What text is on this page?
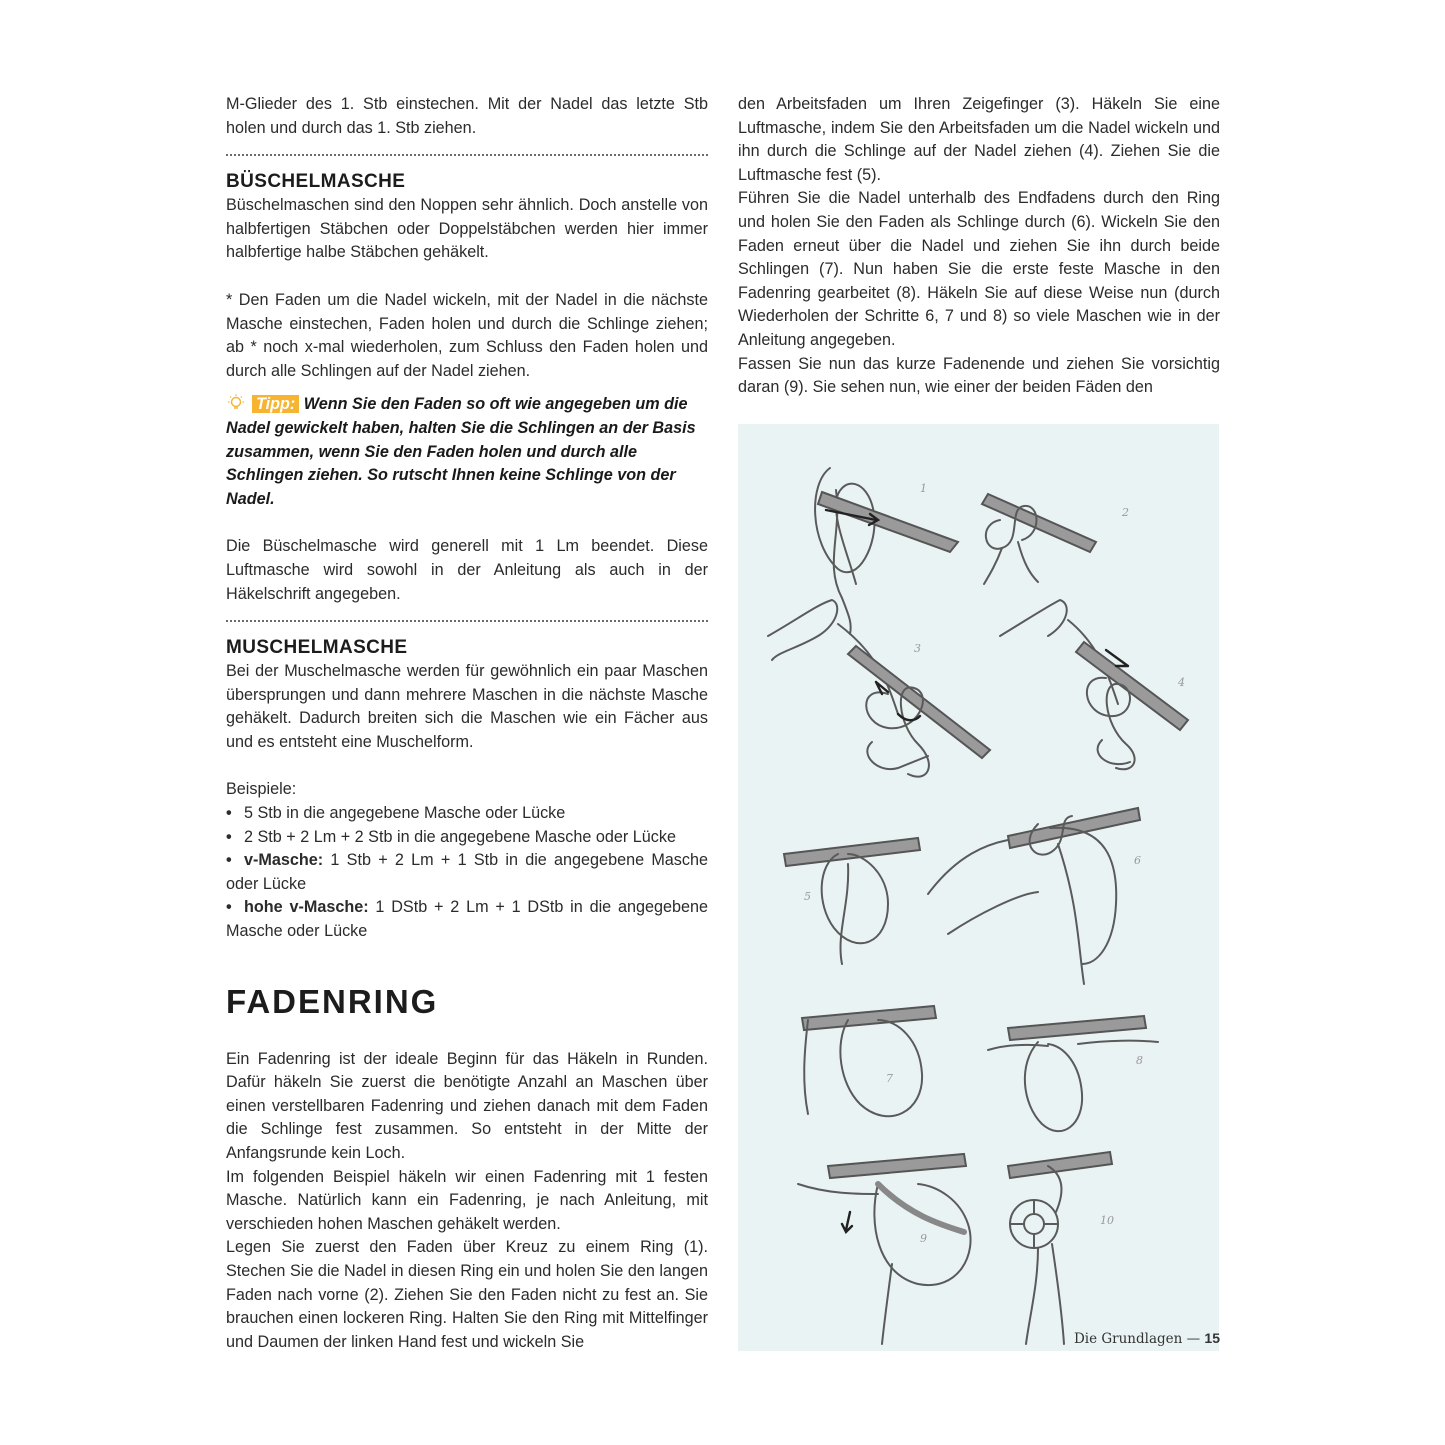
M-Glieder des 1. Stb einstechen. Mit der Nadel das letzte Stb holen und durch das 1. Stb ziehen.

BÜSCHELMASCHE

Büschelmaschen sind den Noppen sehr ähnlich. Doch anstelle von halbfertigen Stäbchen oder Doppelstäbchen werden hier immer halbfertige halbe Stäbchen gehäkelt.

* Den Faden um die Nadel wickeln, mit der Nadel in die nächste Masche einstechen, Faden holen und durch die Schlinge ziehen; ab * noch x-mal wiederholen, zum Schluss den Faden holen und durch alle Schlingen auf der Nadel ziehen.

Tipp: Wenn Sie den Faden so oft wie angegeben um die Nadel gewickelt haben, halten Sie die Schlingen an der Basis zusammen, wenn Sie den Faden holen und durch alle Schlingen ziehen. So rutscht Ihnen keine Schlinge von der Nadel.

Die Büschelmasche wird generell mit 1 Lm beendet. Diese Luftmasche wird sowohl in der Anleitung als auch in der Häkelschrift angegeben.

MUSCHELMASCHE

Bei der Muschelmasche werden für gewöhnlich ein paar Maschen übersprungen und dann mehrere Maschen in die nächste Masche gehäkelt. Dadurch breiten sich die Maschen wie ein Fächer aus und es entsteht eine Muschelform.

Beispiele:

• 5 Stb in die angegebene Masche oder Lücke
• 2 Stb + 2 Lm + 2 Stb in die angegebene Masche oder Lücke
• v-Masche: 1 Stb + 2 Lm + 1 Stb in die angegebene Masche oder Lücke
• hohe v-Masche: 1 DStb + 2 Lm + 1 DStb in die angegebene Masche oder Lücke
FADENRING

Ein Fadenring ist der ideale Beginn für das Häkeln in Runden. Dafür häkeln Sie zuerst die benötigte Anzahl an Maschen über einen verstellbaren Fadenring und ziehen danach mit dem Faden die Schlinge fest zusammen. So entsteht in der Mitte der Anfangsrunde kein Loch.

Im folgenden Beispiel häkeln wir einen Fadenring mit 1 festen Masche. Natürlich kann ein Fadenring, je nach Anleitung, mit verschieden hohen Maschen gehäkelt werden.

Legen Sie zuerst den Faden über Kreuz zu einem Ring (1). Stechen Sie die Nadel in diesen Ring ein und holen Sie den langen Faden nach vorne (2). Ziehen Sie den Faden nicht zu fest an. Sie brauchen einen lockeren Ring. Halten Sie den Ring mit Mittelfinger und Daumen der linken Hand fest und wickeln Sie

den Arbeitsfaden um Ihren Zeigefinger (3). Häkeln Sie eine Luftmasche, indem Sie den Arbeitsfaden um die Nadel wickeln und ihn durch die Schlinge auf der Nadel ziehen (4). Ziehen Sie die Luftmasche fest (5).

Führen Sie die Nadel unterhalb des Endfadens durch den Ring und holen Sie den Faden als Schlinge durch (6). Wickeln Sie den Faden erneut über die Nadel und ziehen Sie ihn durch beide Schlingen (7). Nun haben Sie die erste feste Masche in den Fadenring gearbeitet (8). Häkeln Sie auf diese Weise nun (durch Wiederholen der Schritte 6, 7 und 8) so viele Maschen wie in der Anleitung angegeben.

Fassen Sie nun das kurze Fadenende und ziehen Sie vorsichtig daran (9). Sie sehen nun, wie einer der beiden Fäden den

1
2
3
4
5
6
7
8
9
10
Die Grundlagen — 15
